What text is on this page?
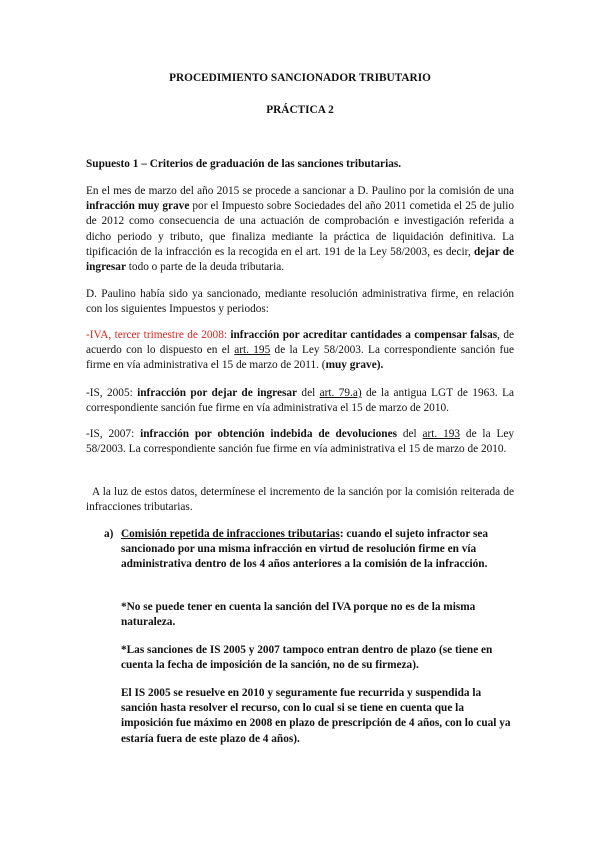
PROCEDIMIENTO SANCIONADOR TRIBUTARIO
PRÁCTICA 2
Supuesto 1 – Criterios de graduación de las sanciones tributarias.
En el mes de marzo del año 2015 se procede a sancionar a D. Paulino por la comisión de una infracción muy grave por el Impuesto sobre Sociedades del año 2011 cometida el 25 de julio de 2012 como consecuencia de una actuación de comprobación e investigación referida a dicho periodo y tributo, que finaliza mediante la práctica de liquidación definitiva. La tipificación de la infracción es la recogida en el art. 191 de la Ley 58/2003, es decir, dejar de ingresar todo o parte de la deuda tributaria.
D. Paulino había sido ya sancionado, mediante resolución administrativa firme, en relación con los siguientes Impuestos y periodos:
-IVA, tercer trimestre de 2008: infracción por acreditar cantidades a compensar falsas, de acuerdo con lo dispuesto en el art. 195 de la Ley 58/2003. La correspondiente sanción fue firme en vía administrativa el 15 de marzo de 2011. (muy grave).
-IS, 2005: infracción por dejar de ingresar del art. 79.a) de la antigua LGT de 1963. La correspondiente sanción fue firme en vía administrativa el 15 de marzo de 2010.
-IS, 2007: infracción por obtención indebida de devoluciones del art. 193 de la Ley 58/2003. La correspondiente sanción fue firme en vía administrativa el 15 de marzo de 2010.
A la luz de estos datos, determínese el incremento de la sanción por la comisión reiterada de infracciones tributarias.
a) Comisión repetida de infracciones tributarias: cuando el sujeto infractor sea sancionado por una misma infracción en virtud de resolución firme en vía administrativa dentro de los 4 años anteriores a la comisión de la infracción.
*No se puede tener en cuenta la sanción del IVA porque no es de la misma naturaleza.
*Las sanciones de IS 2005 y 2007 tampoco entran dentro de plazo (se tiene en cuenta la fecha de imposición de la sanción, no de su firmeza).
El IS 2005 se resuelve en 2010 y seguramente fue recurrida y suspendida la sanción hasta resolver el recurso, con lo cual si se tiene en cuenta que la imposición fue máximo en 2008 en plazo de prescripción de 4 años, con lo cual ya estaría fuera de este plazo de 4 años).
